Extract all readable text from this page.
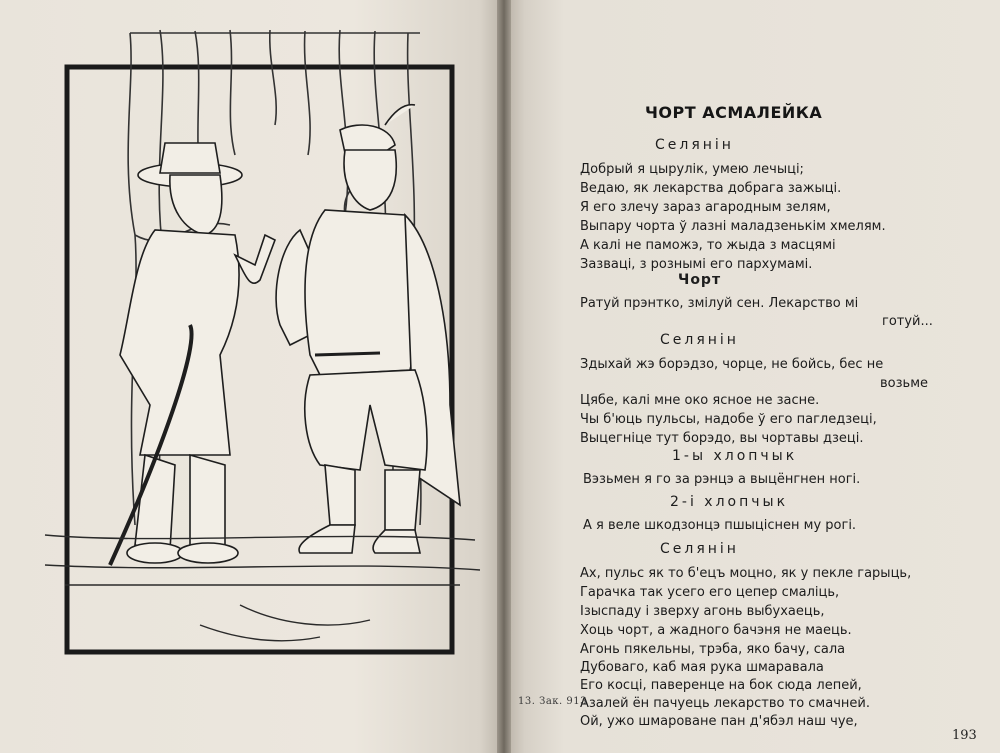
ЧОРТ АСМАЛЕЙКА
Селянін
Добрый я цырулік, умею лечыці;
Ведаю, як лекарства добрага зажыці.
Я его злечу зараз агародным зелям,
Выпару чорта ў лазні маладзенькім хмелям.
А калі не паможэ, то жыда з масцямі
Зазваці, з рознымі его пархумамі.
Чорт
Ратуй прэнтко, змілуй сен. Лекарство мі
готуй...
Селянін
Здыхай жэ борэдзо, чорце, не бойсь, бес не
возьме
Цябе, калі мне око ясное не засне.
Чы б'юць пульсы, надобе ў его пагледзеці,
Выцегніце тут борэдо, вы чортавы дзеці.
1-ы хлопчык
Вэзьмен я го за рэнцэ а выцёнгнен ногі.
2-і хлопчык
А я веле шкодзонцэ пшыціснен му рогі.
Селянін
Ах, пульс як то б'ецъ моцно, як у пекле гарыць,
Гарачка так усего его цепер смаліць,
Ізыспаду і зверху агонь выбухаець,
Хоць чорт, а жадного бачэня не маець.
Агонь пякельны, трэба, яко бачу, сала
Дубоваго, каб мая рука шмаравала
Его косці, паверенце на бок сюда лепей,
Азалей ён пачуець лекарство то смачней.
Ой, ужо шмароване пан д'ябэл наш чуе,
13. Зак. 913
193
